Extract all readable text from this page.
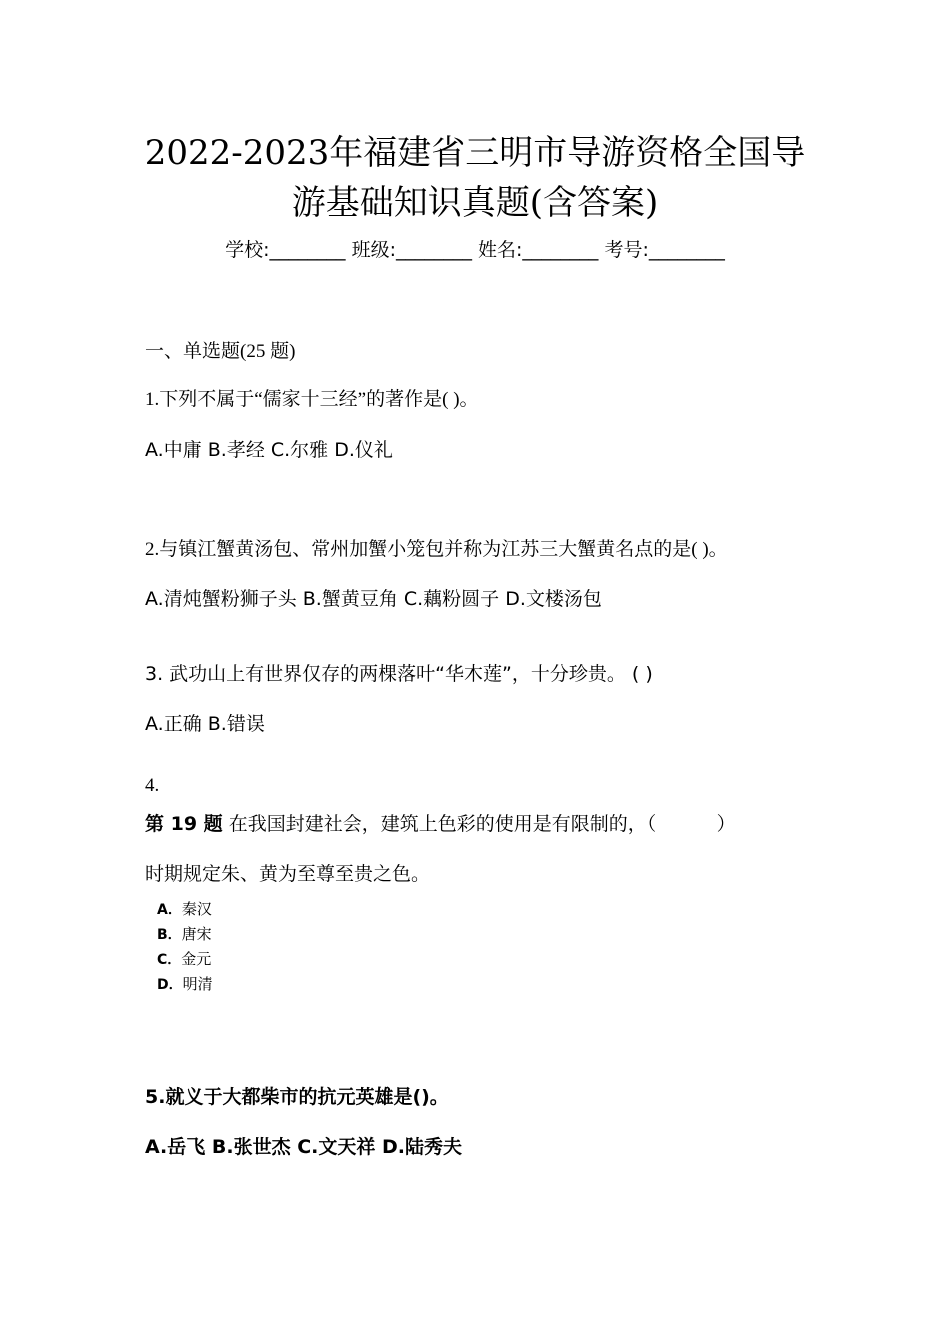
2022-2023年福建省三明市导游资格全国导
游基础知识真题(含答案)
学校:________ 班级:________ 姓名:________ 考号:________
一、单选题(25 题)
1.下列不属于“儒家十三经”的著作是( )。
A.中庸 B.孝经 C.尔雅 D.仪礼
2.与镇江蟹黄汤包、常州加蟹小笼包并称为江苏三大蟹黄名点的是( )。
A.清炖蟹粉狮子头 B.蟹黄豆角 C.藕粉圆子 D.文楼汤包
3. 武功山上有世界仅存的两棵落叶“华木莲”，十分珍贵。 ( )
A.正确 B.错误
4.
第 19 题 在我国封建社会，建筑上色彩的使用是有限制的，（          ）
时期规定朱、黄为至尊至贵之色。
A．秦汉
B．唐宋
C．金元
D．明清
5.就义于大都柴市的抗元英雄是()。
A.岳飞 B.张世杰 C.文天祥 D.陆秀夫
